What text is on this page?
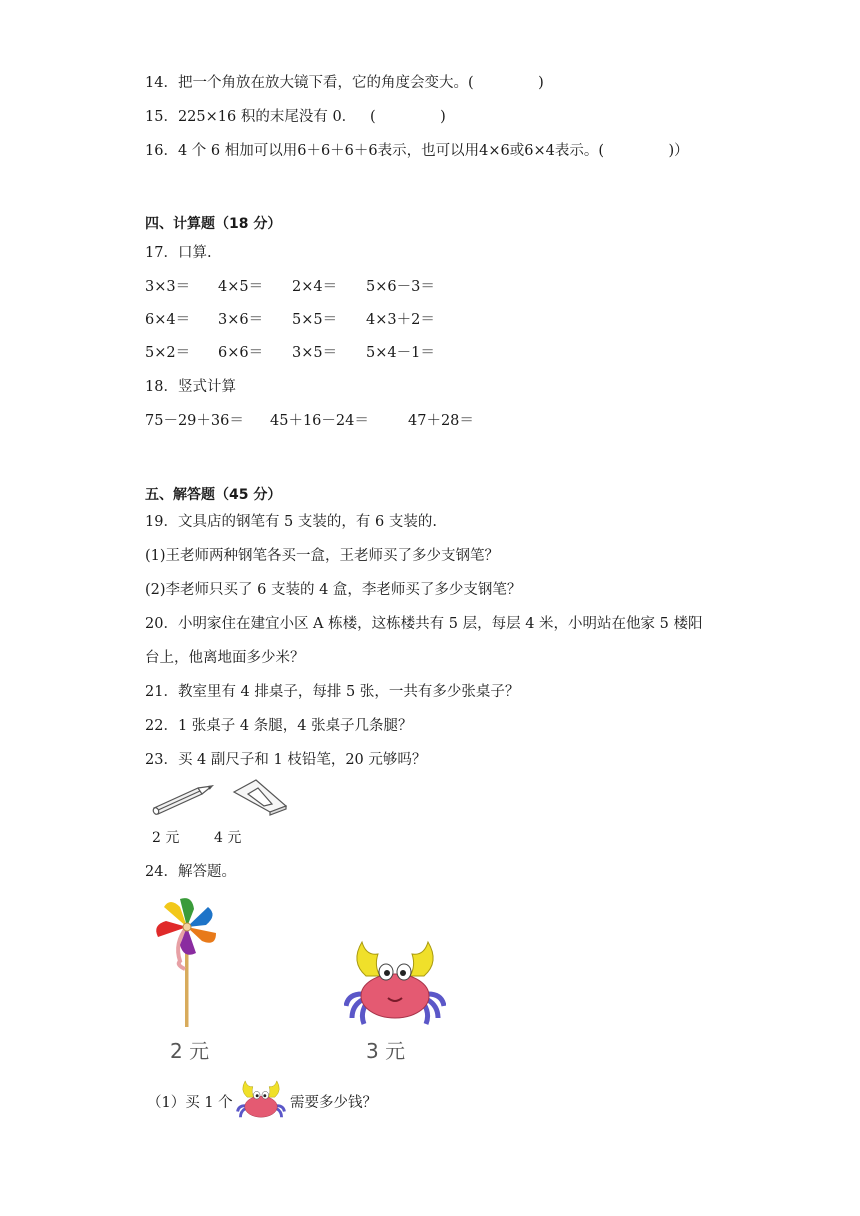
14．把一个角放在放大镜下看，它的角度会变大。(              )
15．225×16 积的末尾没有 0．   (              )
16．4 个 6 相加可以用6＋6＋6＋6表示，也可以用4×6或6×4表示。(              )）
四、计算题（18 分）
17．口算.
3×3＝ 4×5＝ 2×4＝ 5×6－3＝
6×4＝ 3×6＝ 5×5＝ 4×3＋2＝
5×2＝ 6×6＝ 3×5＝ 5×4－1＝
18．竖式计算
75－29＋36＝ 45＋16－24＝	47＋28＝
五、解答题（45 分）
19．文具店的钢笔有 5 支装的，有 6 支装的.
(1)王老师两种钢笔各买一盒，王老师买了多少支钢笔？
(2)李老师只买了 6 支装的 4 盒，李老师买了多少支钢笔？
20．小明家住在建宜小区 A 栋楼，这栋楼共有 5 层，每层 4 米，小明站在他家 5 楼阳
台上，他离地面多少米？
21．教室里有 4 排桌子，每排 5 张，一共有多少张桌子？
22．1 张桌子 4 条腿，4 张桌子几条腿？
23．买 4 副尺子和 1 枝铅笔，20 元够吗？
2 元 4 元
24．解答题。
2 元	3 元
（1）买 1 个	需要多少钱？
